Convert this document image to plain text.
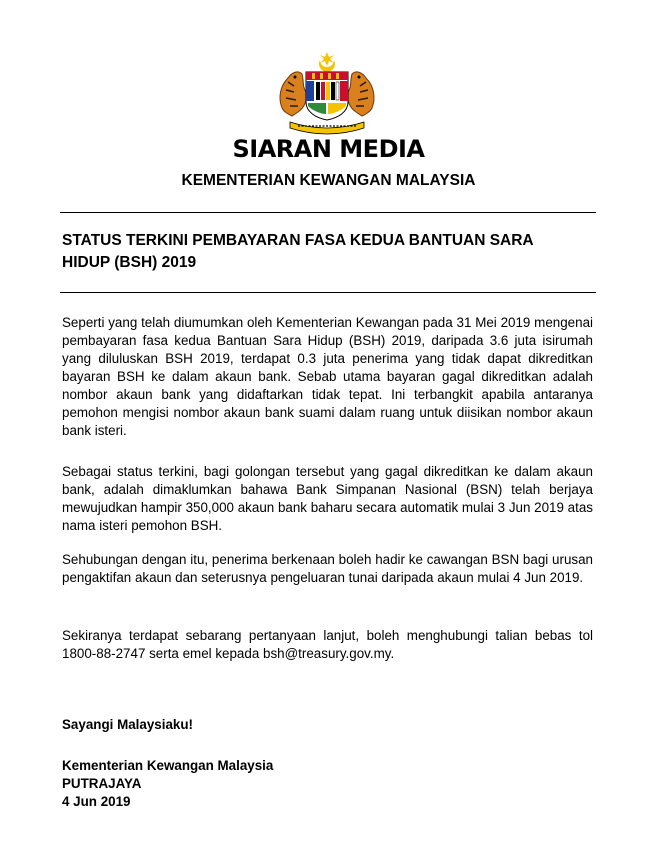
SIARAN MEDIA
KEMENTERIAN KEWANGAN MALAYSIA
STATUS TERKINI PEMBAYARAN FASA KEDUA BANTUAN SARA HIDUP (BSH) 2019

Seperti yang telah diumumkan oleh Kementerian Kewangan pada 31 Mei 2019 mengenai pembayaran fasa kedua Bantuan Sara Hidup (BSH) 2019, daripada 3.6 juta isirumah yang diluluskan BSH 2019, terdapat 0.3 juta penerima yang tidak dapat dikreditkan bayaran BSH ke dalam akaun bank. Sebab utama bayaran gagal dikreditkan adalah nombor akaun bank yang didaftarkan tidak tepat. Ini terbangkit apabila antaranya pemohon mengisi nombor akaun bank suami dalam ruang untuk diisikan nombor akaun bank isteri.

Sebagai status terkini, bagi golongan tersebut yang gagal dikreditkan ke dalam akaun bank, adalah dimaklumkan bahawa Bank Simpanan Nasional (BSN) telah berjaya mewujudkan hampir 350,000 akaun bank baharu secara automatik mulai 3 Jun 2019 atas nama isteri pemohon BSH.

Sehubungan dengan itu, penerima berkenaan boleh hadir ke cawangan BSN bagi urusan pengaktifan akaun dan seterusnya pengeluaran tunai daripada akaun mulai 4 Jun 2019.

Sekiranya terdapat sebarang pertanyaan lanjut, boleh menghubungi talian bebas tol 1800-88-2747 serta emel kepada bsh@treasury.gov.my.

Sayangi Malaysiaku!
Kementerian Kewangan Malaysia
PUTRAJAYA
4 Jun 2019
